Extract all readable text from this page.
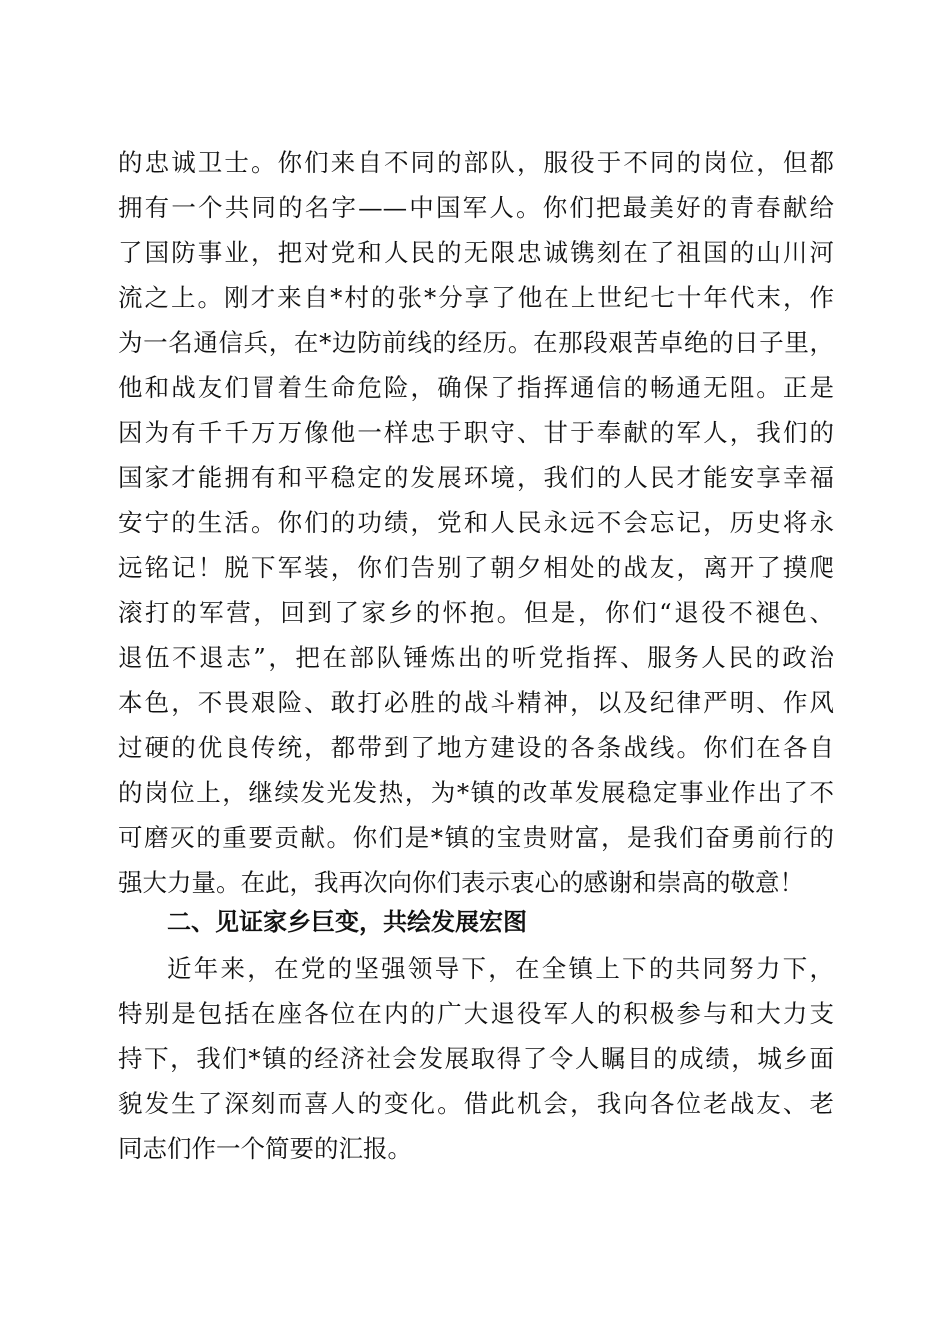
的忠诚卫士。你们来自不同的部队，服役于不同的岗位，但都
拥有一个共同的名字——中国军人。你们把最美好的青春献给
了国防事业，把对党和人民的无限忠诚镌刻在了祖国的山川河
流之上。刚才来自*村的张*分享了他在上世纪七十年代末，作
为一名通信兵，在*边防前线的经历。在那段艰苦卓绝的日子里，
他和战友们冒着生命危险，确保了指挥通信的畅通无阻。正是
因为有千千万万像他一样忠于职守、甘于奉献的军人，我们的
国家才能拥有和平稳定的发展环境，我们的人民才能安享幸福
安宁的生活。你们的功绩，党和人民永远不会忘记，历史将永
远铭记！脱下军装，你们告别了朝夕相处的战友，离开了摸爬
滚打的军营，回到了家乡的怀抱。但是，你们“退役不褪色、
退伍不退志”，把在部队锤炼出的听党指挥、服务人民的政治
本色，不畏艰险、敢打必胜的战斗精神，以及纪律严明、作风
过硬的优良传统，都带到了地方建设的各条战线。你们在各自
的岗位上，继续发光发热，为*镇的改革发展稳定事业作出了不
可磨灭的重要贡献。你们是*镇的宝贵财富，是我们奋勇前行的
强大力量。在此，我再次向你们表示衷心的感谢和崇高的敬意！
二、见证家乡巨变，共绘发展宏图
近年来，在党的坚强领导下，在全镇上下的共同努力下，
特别是包括在座各位在内的广大退役军人的积极参与和大力支
持下，我们*镇的经济社会发展取得了令人瞩目的成绩，城乡面
貌发生了深刻而喜人的变化。借此机会，我向各位老战友、老
同志们作一个简要的汇报。
